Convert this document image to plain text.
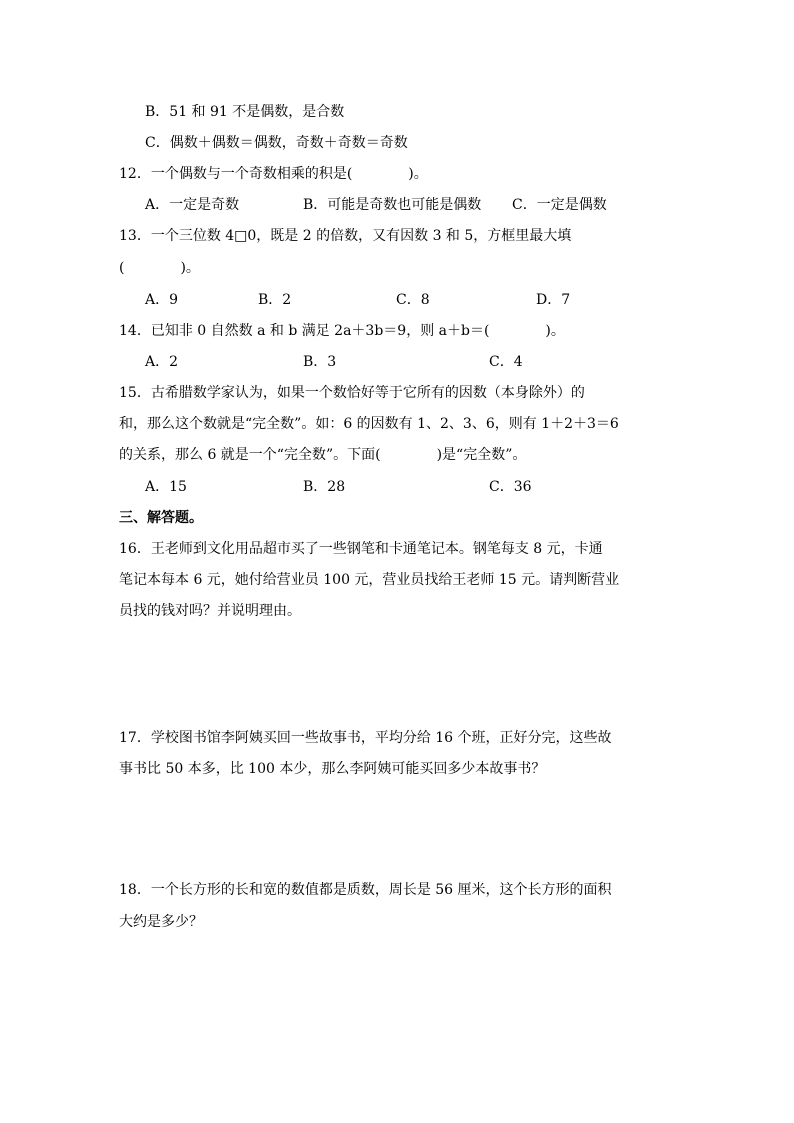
B．51 和 91 不是偶数，是合数
C．偶数＋偶数＝偶数，奇数＋奇数＝奇数
12．一个偶数与一个奇数相乘的积是(　　　　)。
A．一定是奇数	B．可能是奇数也可能是偶数 C．一定是偶数
13．一个三位数 4□0，既是 2 的倍数，又有因数 3 和 5，方框里最大填
(　　　　)。
A．9	B．2	C．8	D．7
14．已知非 0 自然数 a 和 b 满足 2a＋3b＝9，则 a＋b＝(　　　　)。
A．2	B．3	C．4
15．古希腊数学家认为，如果一个数恰好等于它所有的因数（本身除外）的
和，那么这个数就是“完全数”。如：6 的因数有 1、2、3、6，则有 1＋2＋3＝6
的关系，那么 6 就是一个“完全数”。下面(　　　　)是“完全数”。
A．15	B．28	C．36
三、解答题。
16．王老师到文化用品超市买了一些钢笔和卡通笔记本。钢笔每支 8 元，卡通
笔记本每本 6 元，她付给营业员 100 元，营业员找给王老师 15 元。请判断营业
员找的钱对吗？并说明理由。
17．学校图书馆李阿姨买回一些故事书，平均分给 16 个班，正好分完，这些故
事书比 50 本多，比 100 本少，那么李阿姨可能买回多少本故事书？
18．一个长方形的长和宽的数值都是质数，周长是 56 厘米，这个长方形的面积
大约是多少？
